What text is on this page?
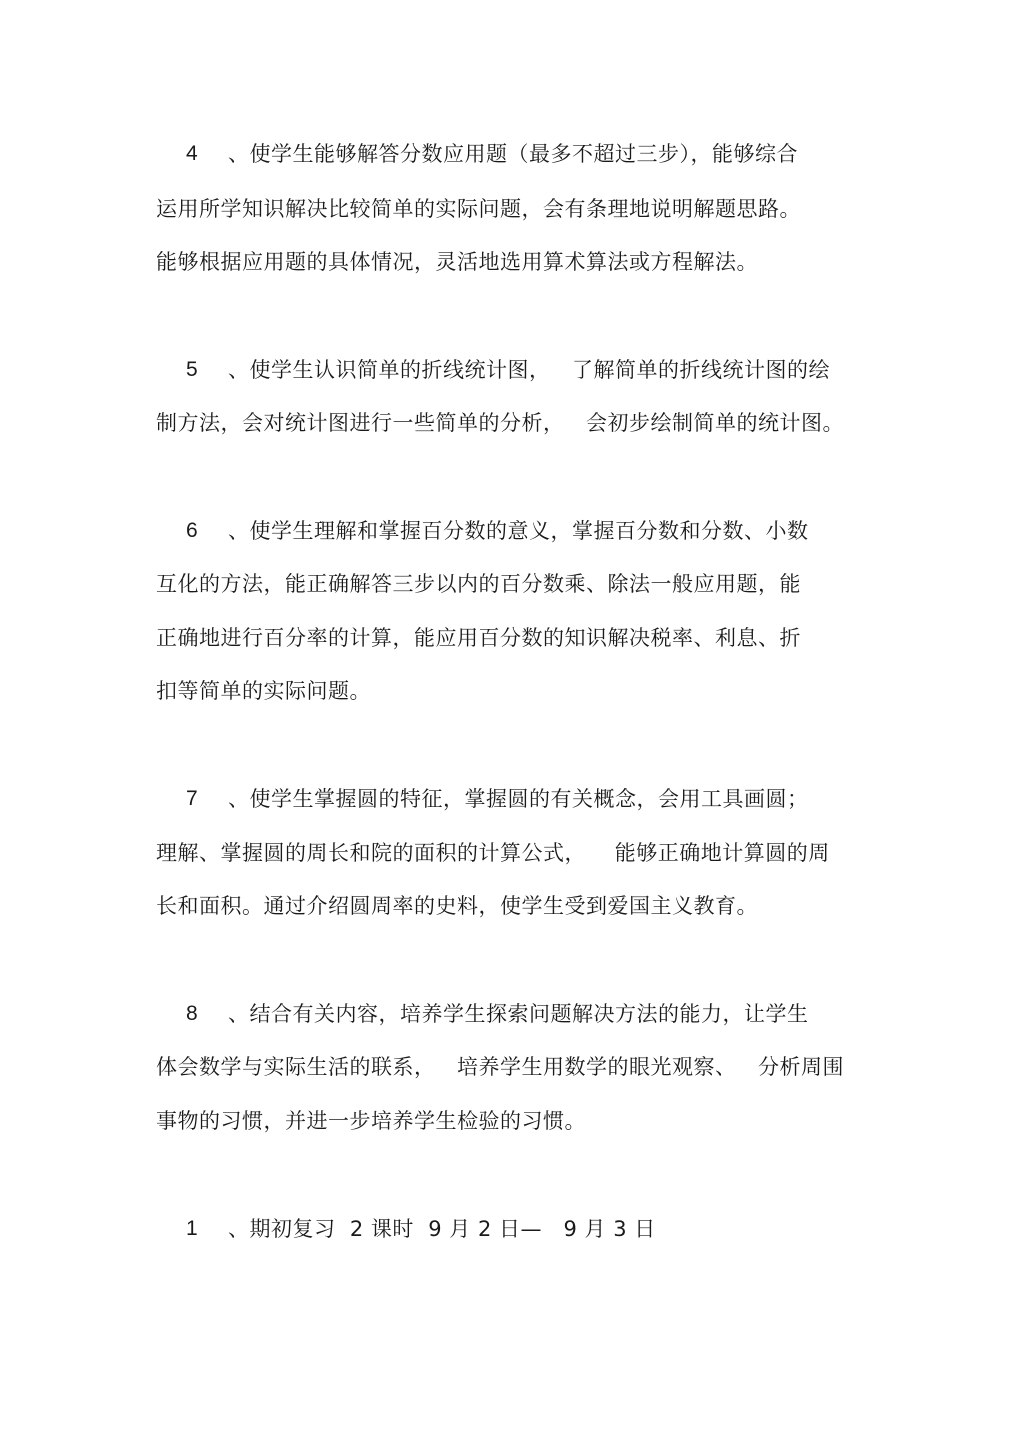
4 、使学生能够解答分数应用题（最多不超过三步），能够综合
运用所学知识解决比较简单的实际问题，会有条理地说明解题思路。
能够根据应用题的具体情况，灵活地选用算术算法或方程解法。
5 、使学生认识简单的折线统计图，   了解简单的折线统计图的绘
制方法，会对统计图进行一些简单的分析，   会初步绘制简单的统计图。
6 、使学生理解和掌握百分数的意义，掌握百分数和分数、小数
互化的方法，能正确解答三步以内的百分数乘、除法一般应用题，能
正确地进行百分率的计算，能应用百分数的知识解决税率、利息、折
扣等简单的实际问题。
7 、使学生掌握圆的特征，掌握圆的有关概念，会用工具画圆；
理解、掌握圆的周长和院的面积的计算公式，    能够正确地计算圆的周
长和面积。通过介绍圆周率的史料，使学生受到爱国主义教育。
8 、结合有关内容，培养学生探索问题解决方法的能力，让学生
体会数学与实际生活的联系，   培养学生用数学的眼光观察、   分析周围
事物的习惯，并进一步培养学生检验的习惯。
1 、期初复习  2 课时  9 月 2 日—   9 月 3 日
